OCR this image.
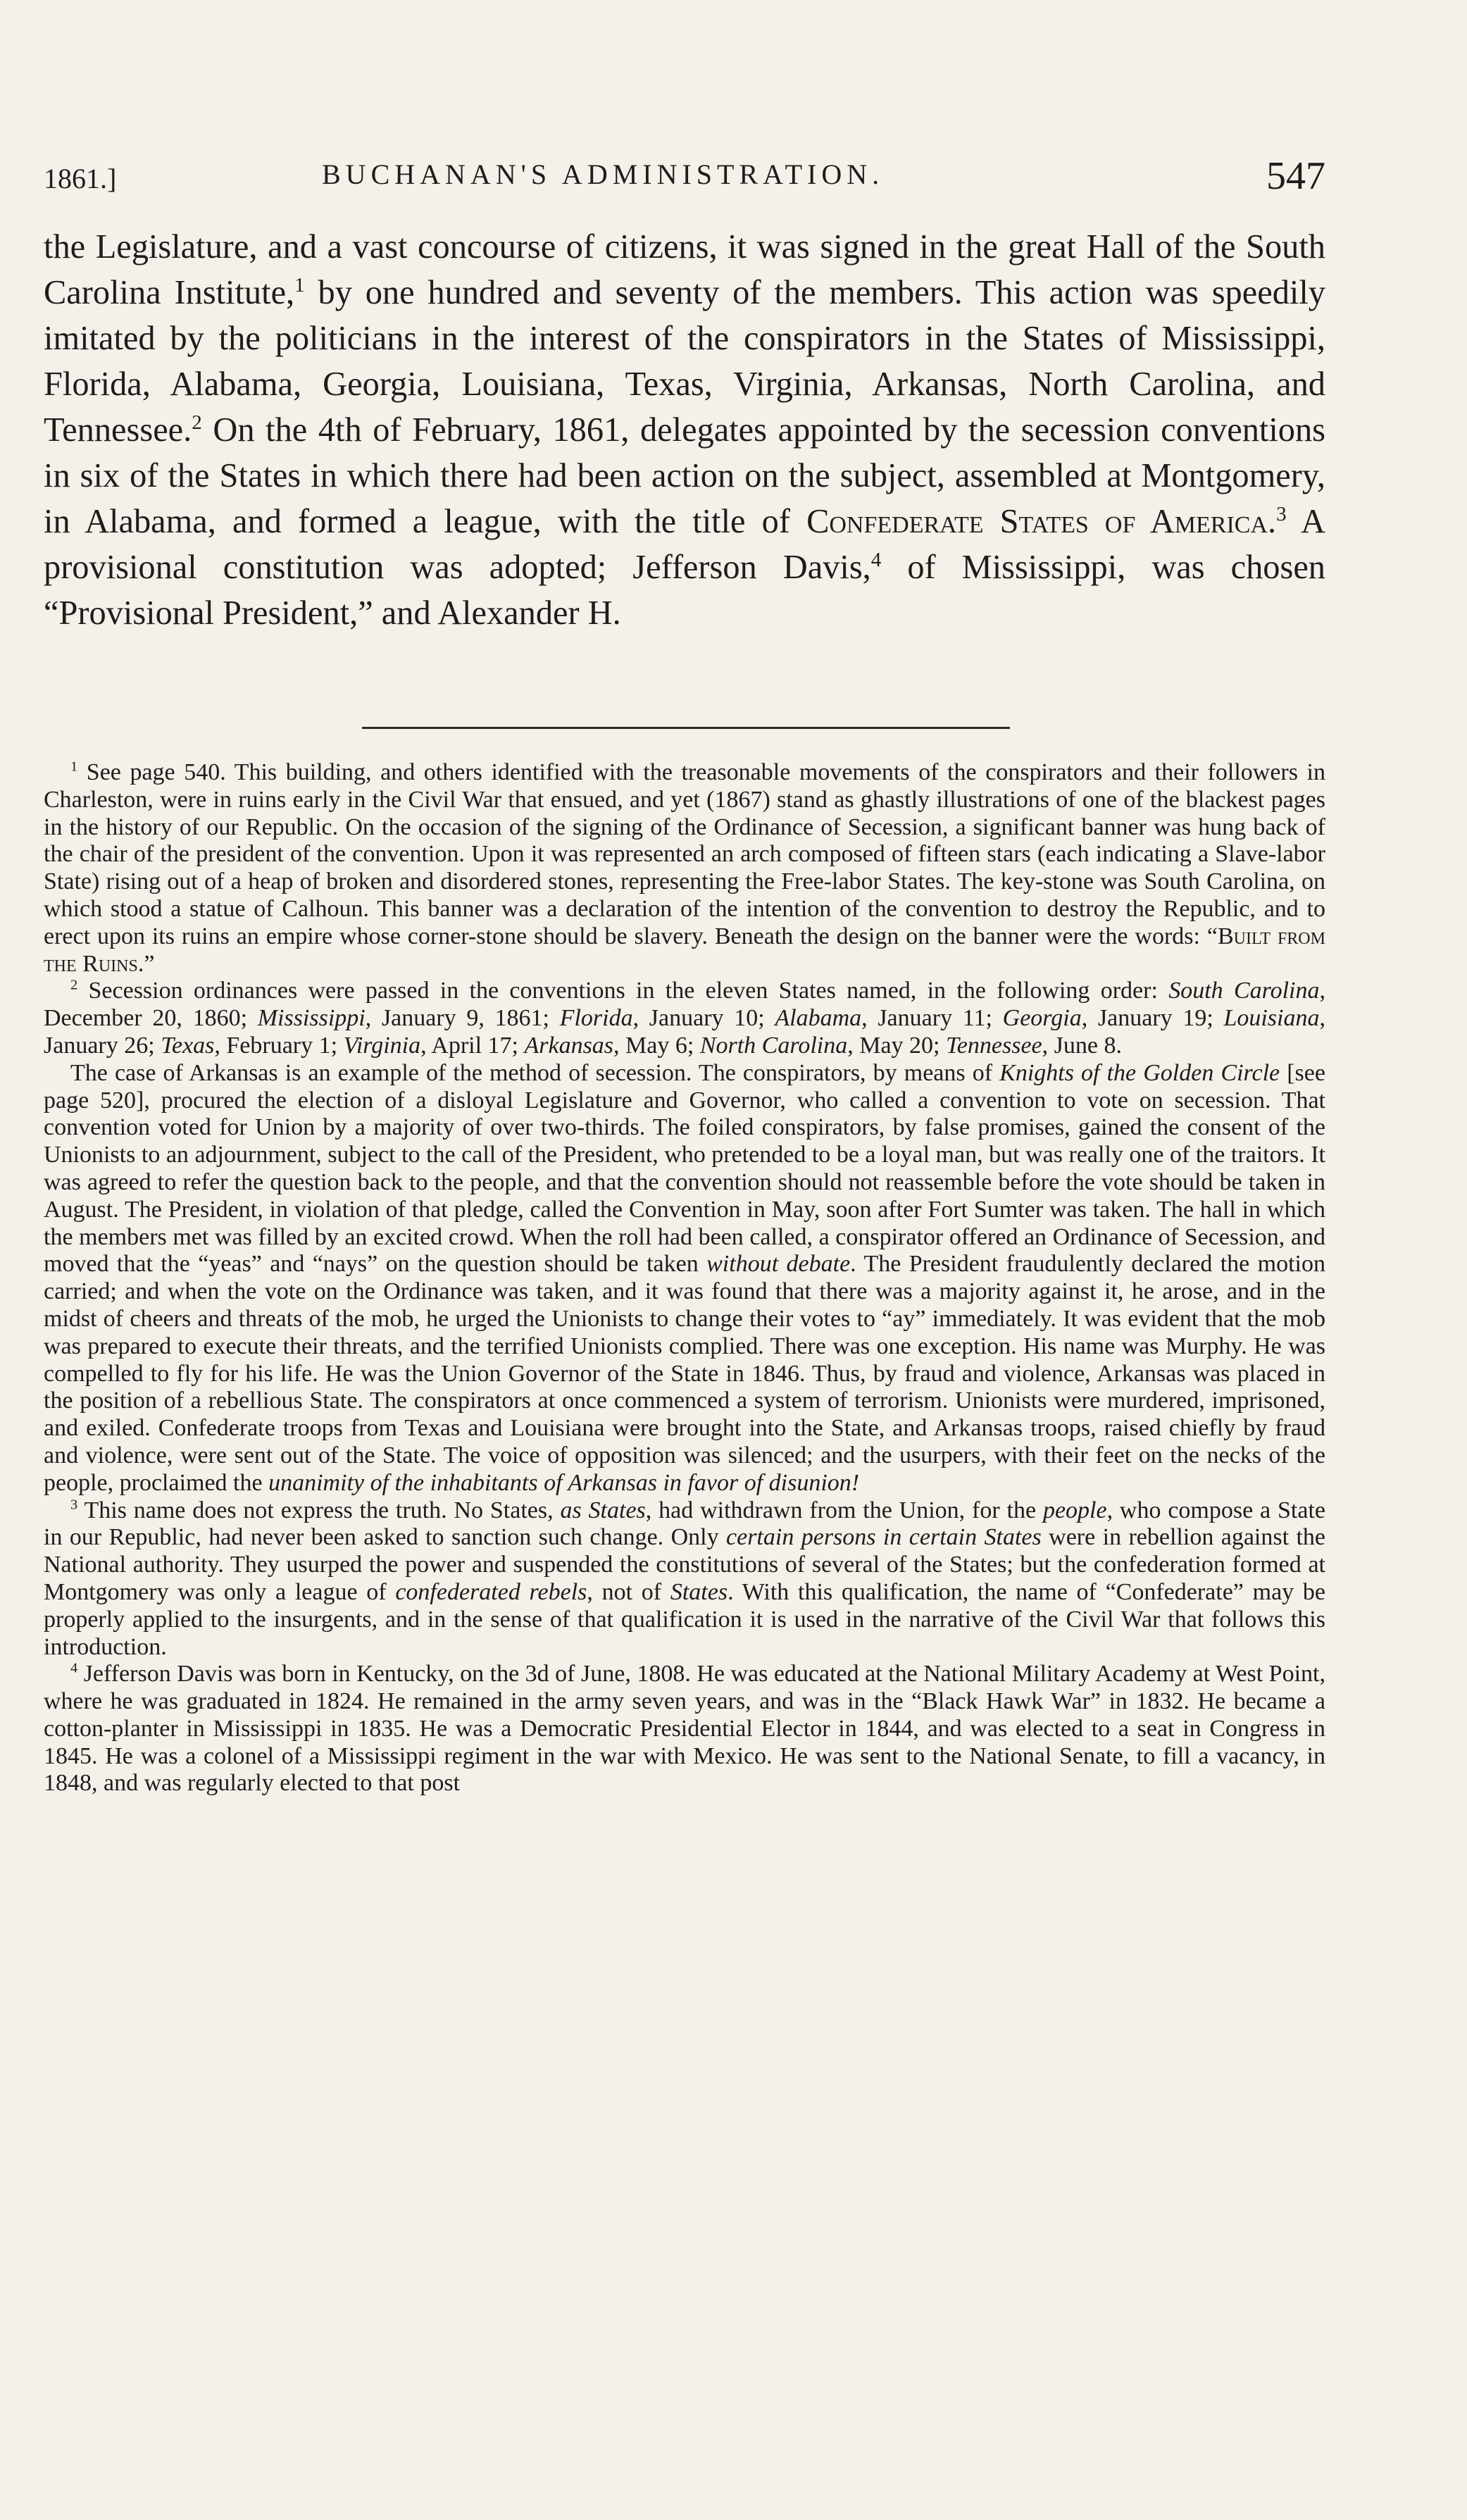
1861.]	BUCHANAN'S ADMINISTRATION.	547

the Legislature, and a vast concourse of citizens, it was signed in the great Hall of the South Carolina Institute,$^1$ by one hundred and seventy of the members. This action was speedily imitated by the politicians in the interest of the conspirators in the States of Mississippi, Florida, Alabama, Georgia, Louisiana, Texas, Virginia, Arkansas, North Carolina, and Tennessee.$^2$ On the 4th of February, 1861, delegates appointed by the secession conventions in six of the States in which there had been action on the subject, assembled at Montgomery, in Alabama, and formed a league, with the title of Confederate States of America.$^3$ A provisional constitution was adopted; Jefferson Davis,$^4$ of Mississippi, was chosen “Provisional President,” and Alexander H.

$^1$ See page 540. This building, and others identified with the treasonable movements of the conspirators and their followers in Charleston, were in ruins early in the Civil War that ensued, and yet (1867) stand as ghastly illustrations of one of the blackest pages in the history of our Republic. On the occasion of the signing of the Ordinance of Secession, a significant banner was hung back of the chair of the president of the convention. Upon it was represented an arch composed of fifteen stars (each indicating a Slave-labor State) rising out of a heap of broken and disordered stones, representing the Free-labor States. The key-stone was South Carolina, on which stood a statue of Calhoun. This banner was a declaration of the intention of the convention to destroy the Republic, and to erect upon its ruins an empire whose corner-stone should be slavery. Beneath the design on the banner were the words: “Built from the Ruins.”

$^2$ Secession ordinances were passed in the conventions in the eleven States named, in the following order: South Carolina, December 20, 1860; Mississippi, January 9, 1861; Florida, January 10; Alabama, January 11; Georgia, January 19; Louisiana, January 26; Texas, February 1; Virginia, April 17; Arkansas, May 6; North Carolina, May 20; Tennessee, June 8.

The case of Arkansas is an example of the method of secession. The conspirators, by means of Knights of the Golden Circle [see page 520], procured the election of a disloyal Legislature and Governor, who called a convention to vote on secession. That convention voted for Union by a majority of over two-thirds. The foiled conspirators, by false promises, gained the consent of the Unionists to an adjournment, subject to the call of the President, who pretended to be a loyal man, but was really one of the traitors. It was agreed to refer the question back to the people, and that the convention should not reassemble before the vote should be taken in August. The President, in violation of that pledge, called the Convention in May, soon after Fort Sumter was taken. The hall in which the members met was filled by an excited crowd. When the roll had been called, a conspirator offered an Ordinance of Secession, and moved that the “yeas” and “nays” on the question should be taken without debate. The President fraudulently declared the motion carried; and when the vote on the Ordinance was taken, and it was found that there was a majority against it, he arose, and in the midst of cheers and threats of the mob, he urged the Unionists to change their votes to “ay” immediately. It was evident that the mob was prepared to execute their threats, and the terrified Unionists complied. There was one exception. His name was Murphy. He was compelled to fly for his life. He was the Union Governor of the State in 1846. Thus, by fraud and violence, Arkansas was placed in the position of a rebellious State. The conspirators at once commenced a system of terrorism. Unionists were murdered, imprisoned, and exiled. Confederate troops from Texas and Louisiana were brought into the State, and Arkansas troops, raised chiefly by fraud and violence, were sent out of the State. The voice of opposition was silenced; and the usurpers, with their feet on the necks of the people, proclaimed the unanimity of the inhabitants of Arkansas in favor of disunion!

$^3$ This name does not express the truth. No States, as States, had withdrawn from the Union, for the people, who compose a State in our Republic, had never been asked to sanction such change. Only certain persons in certain States were in rebellion against the National authority. They usurped the power and suspended the constitutions of several of the States; but the confederation formed at Montgomery was only a league of confederated rebels, not of States. With this qualification, the name of “Confederate” may be properly applied to the insurgents, and in the sense of that qualification it is used in the narrative of the Civil War that follows this introduction.

$^4$ Jefferson Davis was born in Kentucky, on the 3d of June, 1808. He was educated at the National Military Academy at West Point, where he was graduated in 1824. He remained in the army seven years, and was in the “Black Hawk War” in 1832. He became a cotton-planter in Mississippi in 1835. He was a Democratic Presidential Elector in 1844, and was elected to a seat in Congress in 1845. He was a colonel of a Mississippi regiment in the war with Mexico. He was sent to the National Senate, to fill a vacancy, in 1848, and was regularly elected to that post
